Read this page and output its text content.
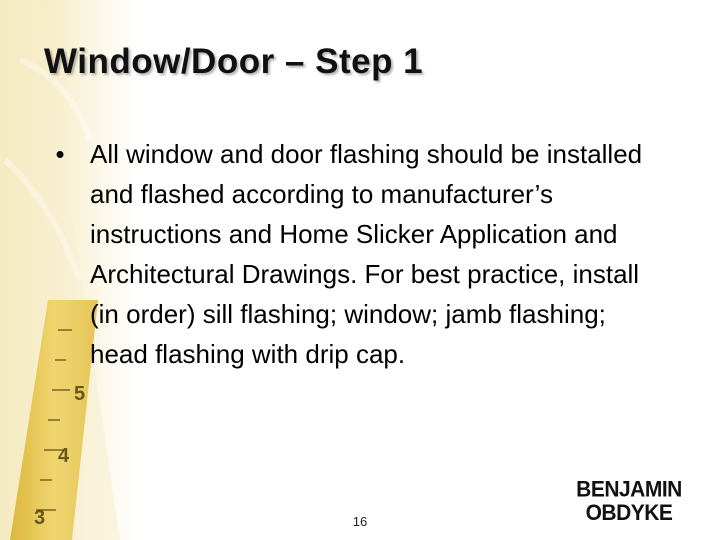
5
4
3
Window/Door – Step 1
• All window and door flashing should be installed and flashed according to manufacturer’s instructions and Home Slicker Application and Architectural Drawings. For best practice, install (in order) sill flashing; window; jamb flashing; head flashing with drip cap.
16
BENJAMIN
OBDYKE
